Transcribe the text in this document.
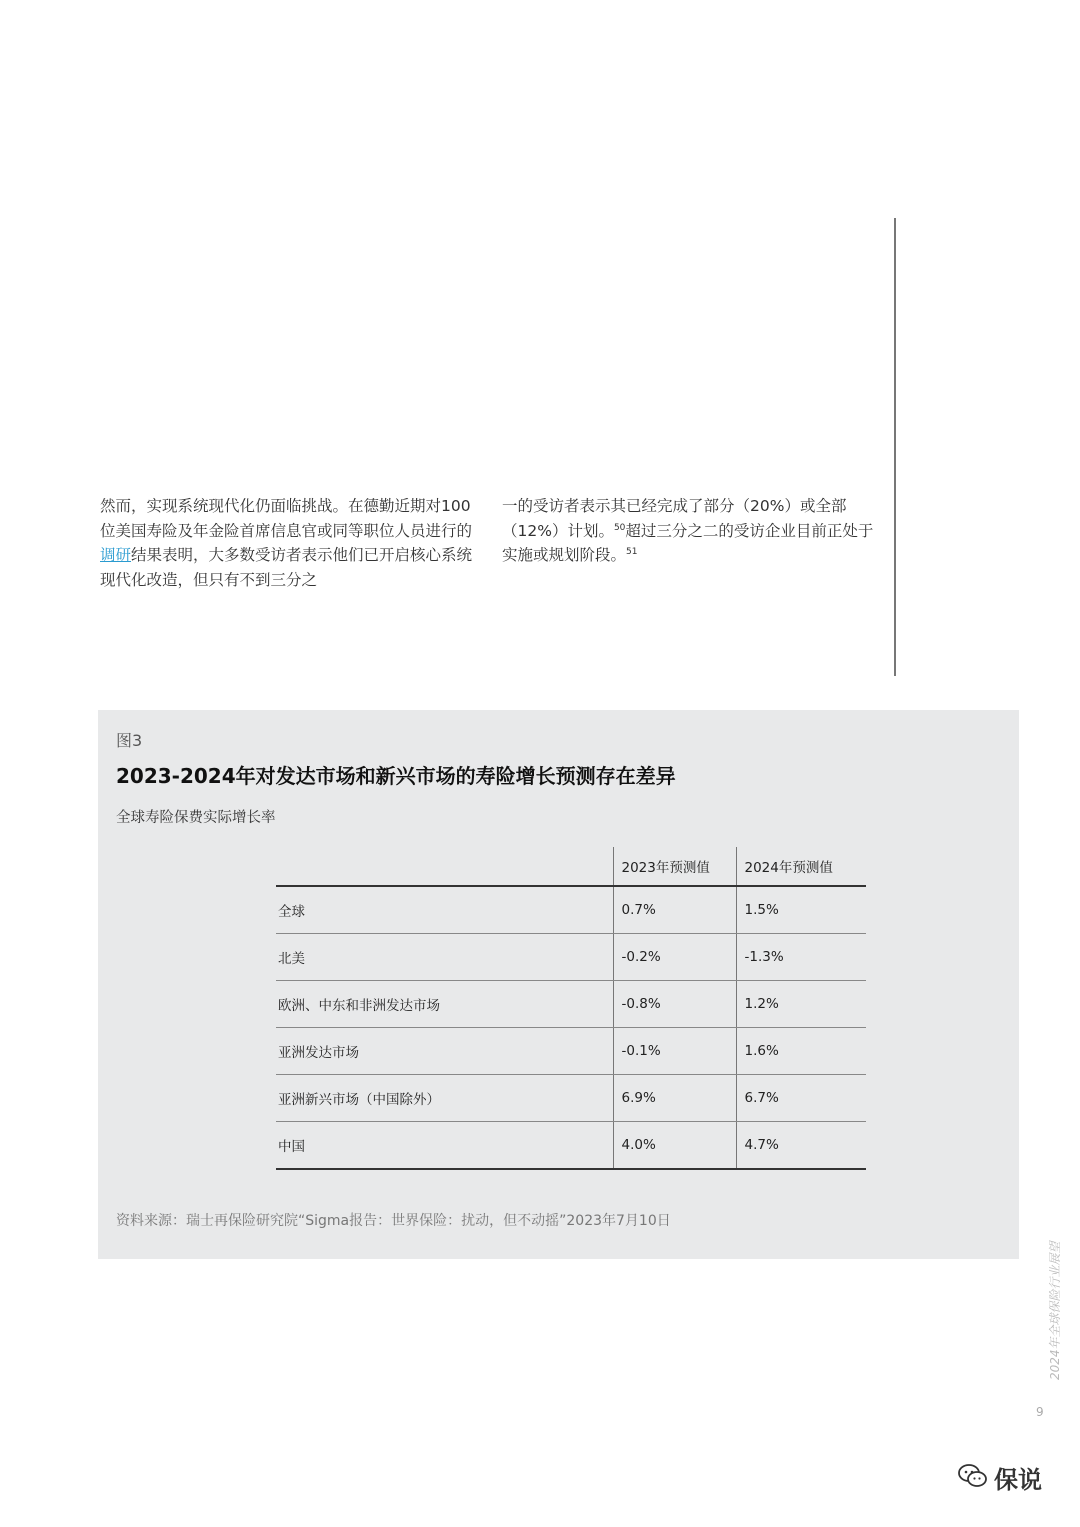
然而，实现系统现代化仍面临挑战。在德勤近期对100位美国寿险及年金险首席信息官或同等职位人员进行的调研结果表明，大多数受访者表示他们已开启核心系统现代化改造，但只有不到三分之
一的受访者表示其已经完成了部分（20%）或全部（12%）计划。$^{50}$超过三分之二的受访企业目前正处于实施或规划阶段。$^{51}$
图3
2023-2024年对发达市场和新兴市场的寿险增长预测存在差异
全球寿险保费实际增长率
	2023年预测值	2024年预测值
全球	0.7%	1.5%
北美	-0.2%	-1.3%
欧洲、中东和非洲发达市场	-0.8%	1.2%
亚洲发达市场	-0.1%	1.6%
亚洲新兴市场（中国除外）	6.9%	6.7%
中国	4.0%	4.7%
资料来源：瑞士再保险研究院“Sigma报告：世界保险：扰动，但不动摇”2023年7月10日
2024年全球保险行业展望
9
保说
